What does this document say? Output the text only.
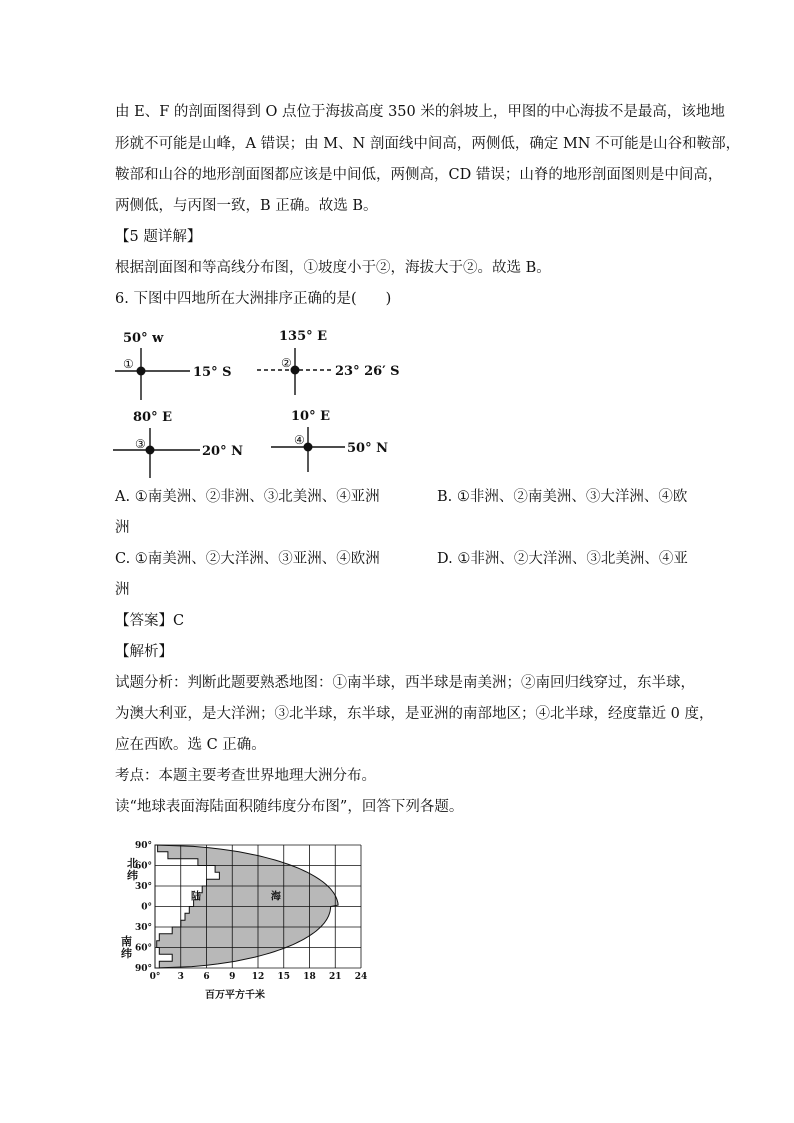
由 E、F 的剖面图得到 O 点位于海拔高度 350 米的斜坡上，甲图的中心海拔不是最高，该地地
形就不可能是山峰，A 错误；由 M、N 剖面线中间高，两侧低，确定 MN 不可能是山谷和鞍部，
鞍部和山谷的地形剖面图都应该是中间低，两侧高，CD 错误；山脊的地形剖面图则是中间高，
两侧低，与丙图一致，B 正确。故选 B。
【5 题详解】
根据剖面图和等高线分布图，①坡度小于②，海拔大于②。故选 B。
6. 下图中四地所在大洲排序正确的是(　　)
50° w
①
15° S
135° E
②
23° 26′ S
80° E
③	20° N
10° E
④
50° N
A. ①南美洲、②非洲、③北美洲、④亚洲	B. ①非洲、②南美洲、③大洋洲、④欧
洲
C. ①南美洲、②大洋洲、③亚洲、④欧洲	D. ①非洲、②大洋洲、③北美洲、④亚
洲
【答案】C
【解析】
试题分析：判断此题要熟悉地图：①南半球，西半球是南美洲；②南回归线穿过，东半球，
为澳大利亚，是大洋洲；③北半球，东半球，是亚洲的南部地区；④北半球，经度靠近 0 度，
应在西欧。选 C 正确。
考点：本题主要考查世界地理大洲分布。
读“地球表面海陆面积随纬度分布图”，回答下列各题。
90°
60°
30°
0°
30°
60°
90°
0° 3 6 9 12 15 18 21 24
陆	海
北
纬
南
纬
百万平方千米
